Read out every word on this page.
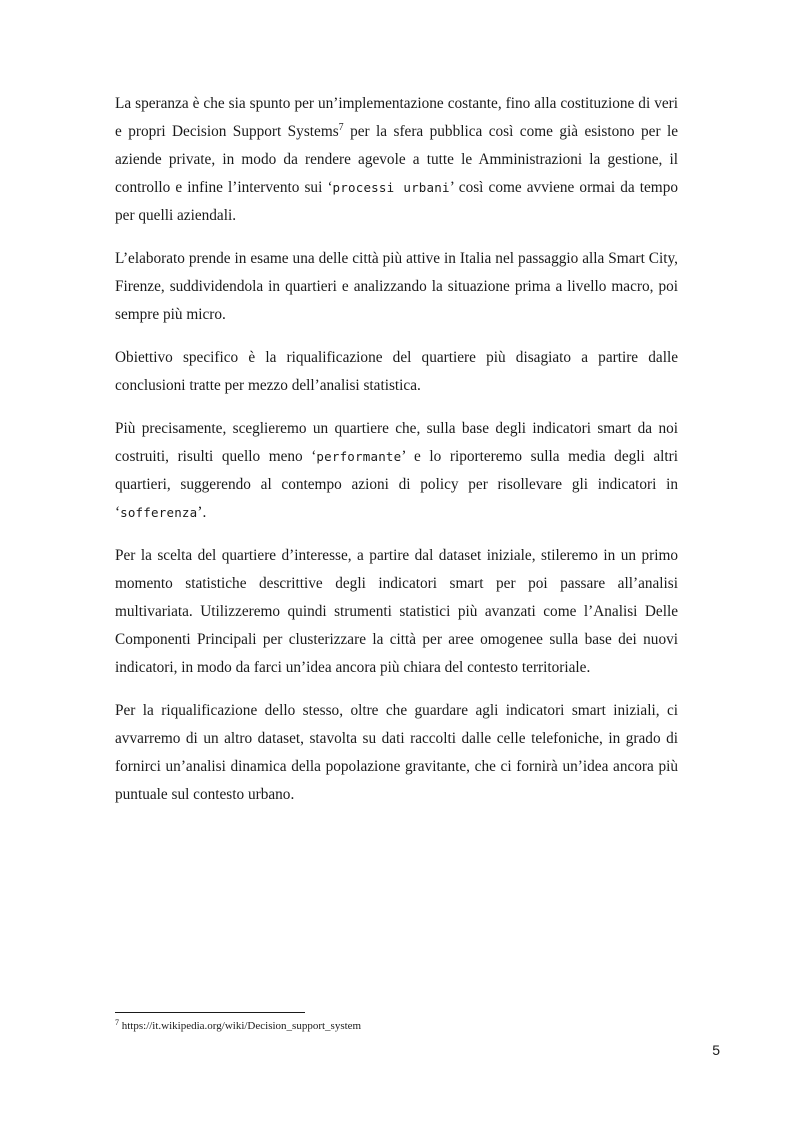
La speranza è che sia spunto per un’implementazione costante, fino alla costituzione di veri e propri Decision Support Systems$^7$ per la sfera pubblica così come già esistono per le aziende private, in modo da rendere agevole a tutte le Amministrazioni la gestione, il controllo e infine l’intervento sui ‘processi urbani’ così come avviene ormai da tempo per quelli aziendali.

L’elaborato prende in esame una delle città più attive in Italia nel passaggio alla Smart City, Firenze, suddividendola in quartieri e analizzando la situazione prima a livello macro, poi sempre più micro.

Obiettivo specifico è la riqualificazione del quartiere più disagiato a partire dalle conclusioni tratte per mezzo dell’analisi statistica.

Più precisamente, sceglieremo un quartiere che, sulla base degli indicatori smart da noi costruiti, risulti quello meno ‘performante’ e lo riporteremo sulla media degli altri quartieri, suggerendo al contempo azioni di policy per risollevare gli indicatori in ‘sofferenza’.

Per la scelta del quartiere d’interesse, a partire dal dataset iniziale, stileremo in un primo momento statistiche descrittive degli indicatori smart per poi passare all’analisi multivariata. Utilizzeremo quindi strumenti statistici più avanzati come l’Analisi Delle Componenti Principali per clusterizzare la città per aree omogenee sulla base dei nuovi indicatori, in modo da farci un’idea ancora più chiara del contesto territoriale.

Per la riqualificazione dello stesso, oltre che guardare agli indicatori smart iniziali, ci avvarremo di un altro dataset, stavolta su dati raccolti dalle celle telefoniche, in grado di fornirci un’analisi dinamica della popolazione gravitante, che ci fornirà un’idea ancora più puntuale sul contesto urbano.

$^7$ https://it.wikipedia.org/wiki/Decision_support_system
5
